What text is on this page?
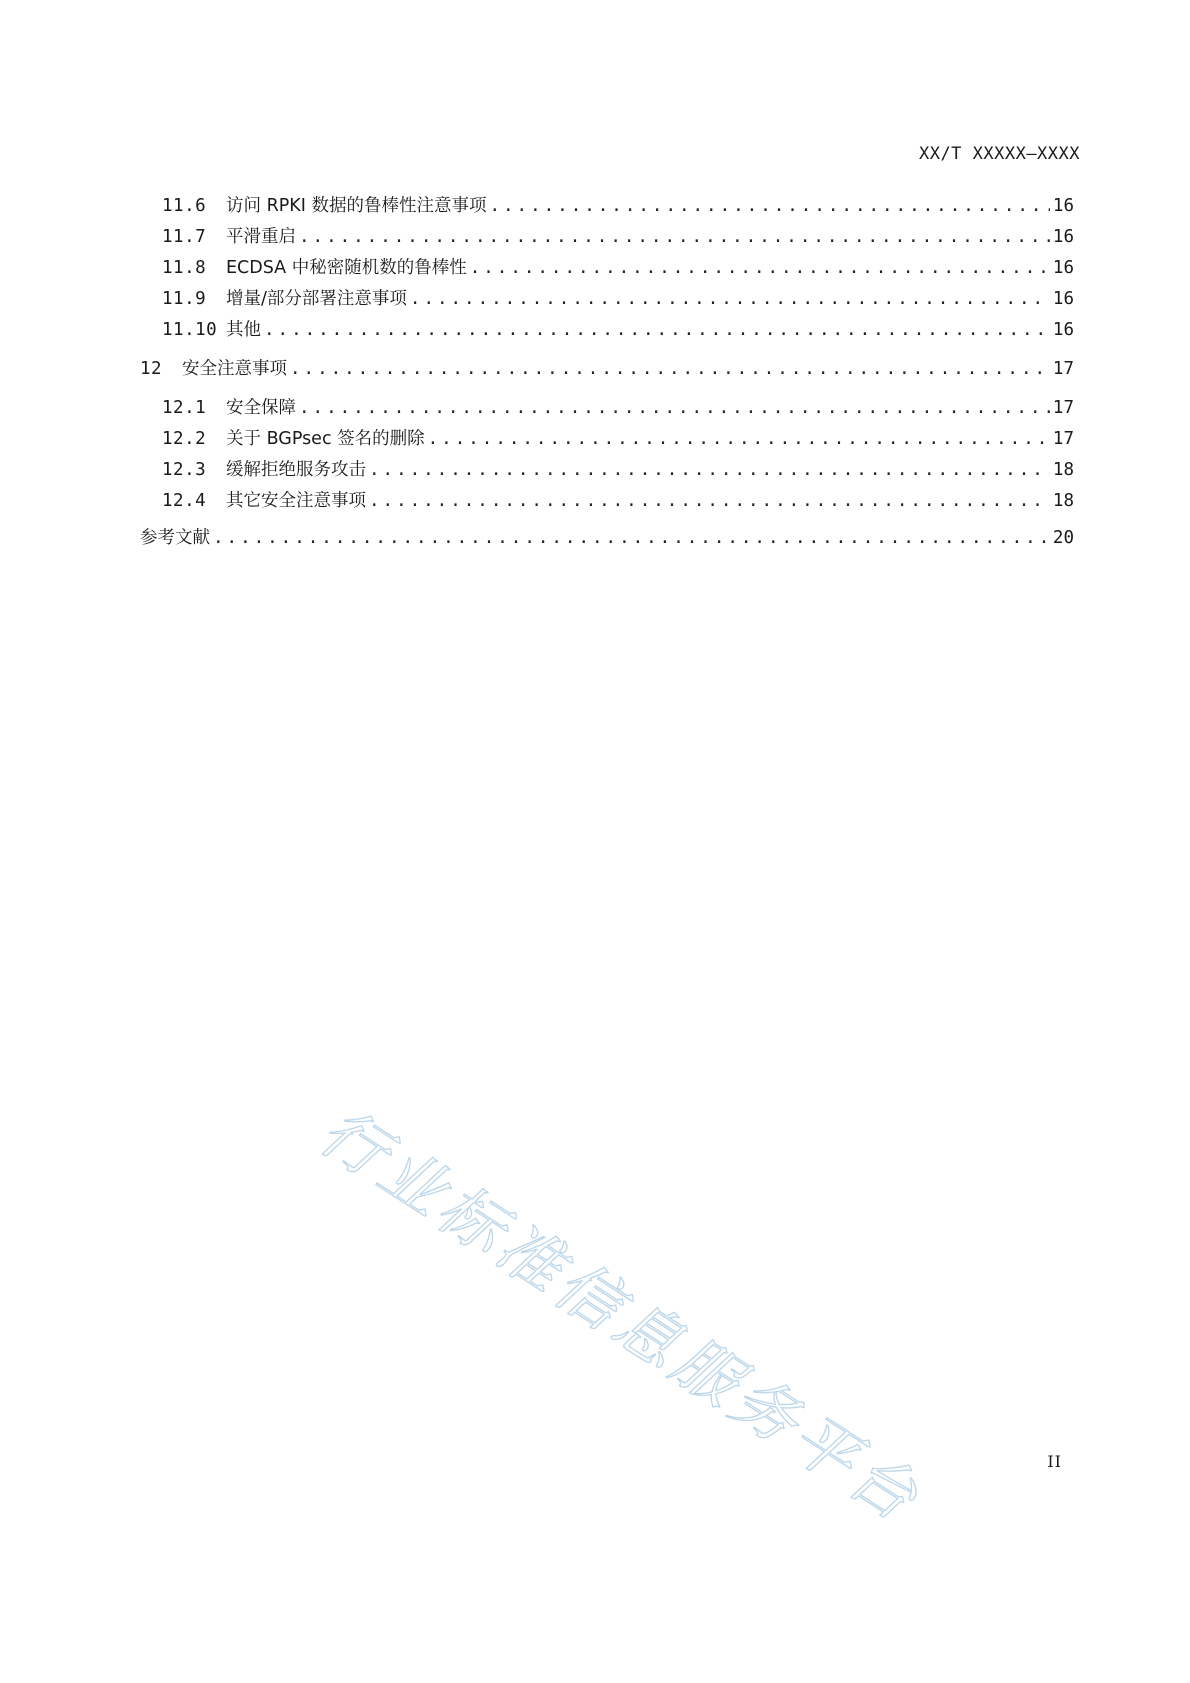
XX/T XXXXX—XXXX
11.6	访问 RPKI 数据的鲁棒性注意事项 .....	16
11.7	平滑重启 .....	16
11.8	ECDSA 中秘密随机数的鲁棒性 .....	16
11.9	增量/部分部署注意事项 .....	16
11.10 其他 .....	16
12	安全注意事项 .....	17
12.1	安全保障 .....	17
12.2	关于 BGPsec 签名的删除 .....	17
12.3	缓解拒绝服务攻击 .....	18
12.4	其它安全注意事项 .....	18
参考文献 .....	20
行业标准信息服务平台	II
